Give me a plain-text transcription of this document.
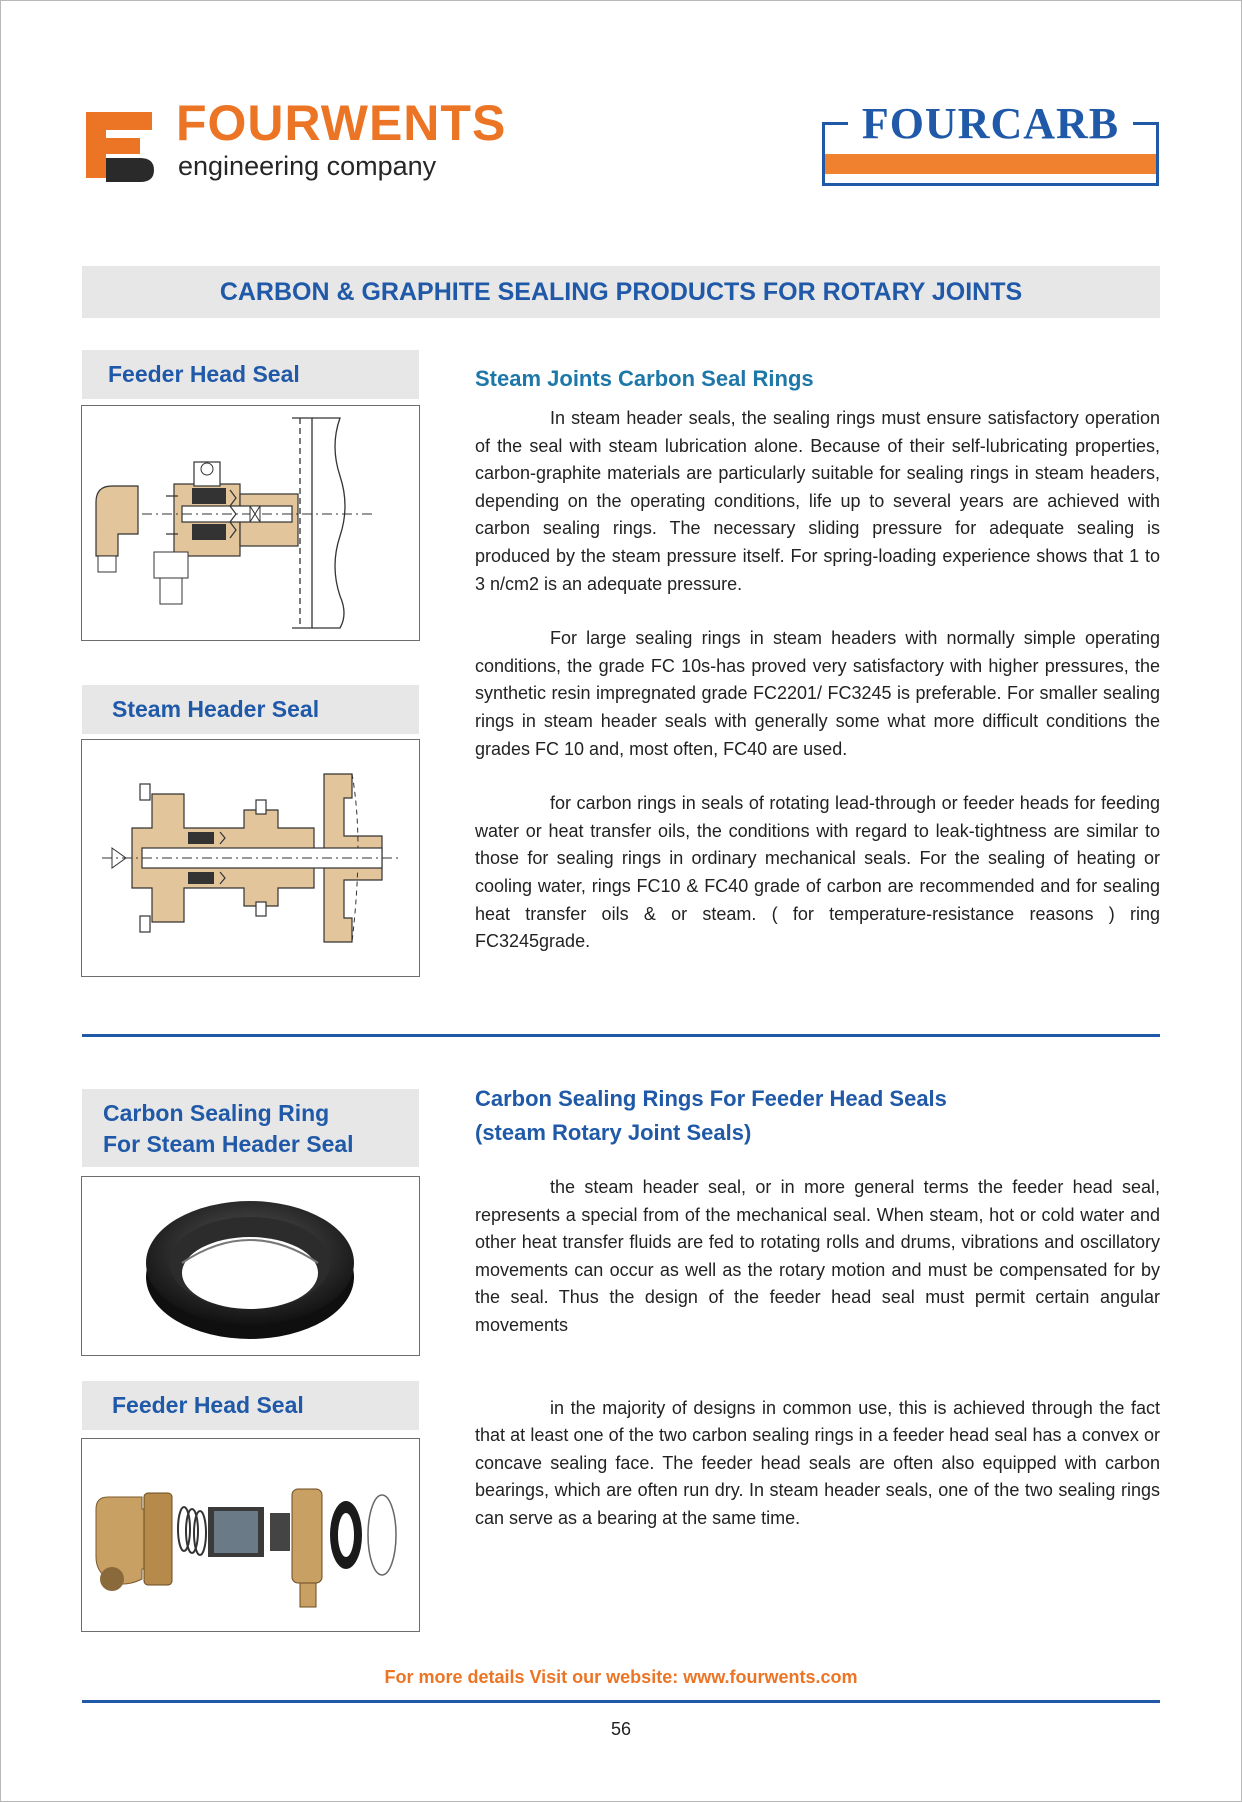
FOURWENTS
engineering company
FOURCARB
CARBON & GRAPHITE SEALING PRODUCTS FOR ROTARY JOINTS
Feeder Head Seal
Steam Header Seal
Steam Joints Carbon Seal Rings

In steam header seals, the sealing rings must ensure satisfactory operation of the seal with steam lubrication alone. Because of their self-lubricating properties, carbon-graphite materials are particularly suitable for sealing rings in steam headers, depending on the operating conditions, life up to several years are achieved with carbon sealing rings. The necessary sliding pressure for adequate sealing is produced by the steam pressure itself. For spring-loading experience shows that 1 to 3 n/cm2 is an adequate pressure.

For large sealing rings in steam headers with normally simple operating conditions, the grade FC 10s-has proved very satisfactory with higher pressures, the synthetic resin impregnated grade FC2201/ FC3245 is preferable. For smaller sealing rings in steam header seals with generally some what more difficult conditions the grades FC 10 and, most often, FC40 are used.

for carbon rings in seals of rotating lead-through or feeder heads for feeding water or heat transfer oils, the conditions with regard to leak-tightness are similar to those for sealing rings in ordinary mechanical seals. For the sealing of heating or cooling water, rings FC10 & FC40 grade of carbon are recommended and for sealing heat transfer oils & or steam. ( for temperature-resistance reasons ) ring FC3245grade.

Carbon Sealing Ring
For Steam Header Seal
Feeder Head Seal
Carbon Sealing Rings For Feeder Head Seals
(steam Rotary Joint Seals)

the steam header seal, or in more general terms the feeder head seal, represents a special from of the mechanical seal. When steam, hot or cold water and other heat transfer fluids are fed to rotating rolls and drums, vibrations and oscillatory movements can occur as well as the rotary motion and must be compensated for by the seal. Thus the design of the feeder head seal must permit certain angular movements

in the majority of designs in common use, this is achieved through the fact that at least one of the two carbon sealing rings in a feeder head seal has a convex or concave sealing face. The feeder head seals are often also equipped with carbon bearings, which are often run dry. In steam header seals, one of the two sealing rings can serve as a bearing at the same time.

For more details Visit our website: www.fourwents.com
56
